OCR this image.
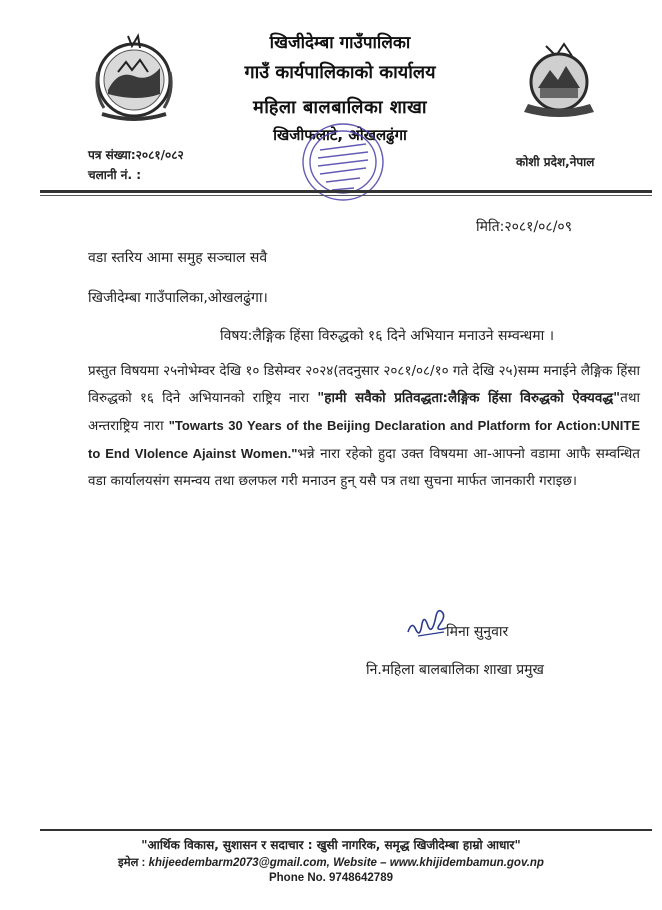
खिजीदेम्बा गाउँपालिका
गाउँ कार्यपालिकाको कार्यालय
महिला बालबालिका शाखा
खिजीफलाटे, ओखलढुंगा
पत्र संख्या:२०८१/०८२
चलानी नं. :
कोशी प्रदेश,नेपाल
मिति:२०८१/०८/०९
वडा स्तरिय आमा समुह सञ्चाल सवै
खिजीदेम्बा गाउँपालिका,ओखलढुंगा।
विषय:लैङ्गिक हिंसा विरुद्धको १६ दिने अभियान मनाउने सम्वन्धमा ।
प्रस्तुत विषयमा २५नोभेम्वर देखि १० डिसेम्वर २०२४(तदनुसार २०८१/०८/१० गते देखि २५)सम्म मनाईने लैङ्गिक हिंसा विरुद्धको १६ दिने अभियानको राष्ट्रिय नारा "हामी सवैको प्रतिवद्धता:लैङ्गिक हिंसा विरुद्धको ऐक्यवद्ध"तथा अन्तराष्ट्रिय नारा "Towarts 30 Years of the Beijing Declaration and Platform for Action:UNITE to End VIolence Ajainst Women."भन्ने नारा रहेको हुदा उक्त विषयमा आ-आफ्नो वडामा आफै सम्वन्धित वडा कार्यालयसंग समन्वय तथा छलफल गरी मनाउन हुन् यसै पत्र तथा सुचना मार्फत जानकारी गराइछ।
मिना सुनुवार
नि.महिला बालबालिका शाखा प्रमुख
"आर्थिक विकास, सुशासन र सदाचार : खुसी नागरिक, समृद्ध खिजीदेम्बा हाम्रो आधार"
इमेल : khijeedembarm2073@gmail.com, Website – www.khijidembamun.gov.np
Phone No. 9748642789
